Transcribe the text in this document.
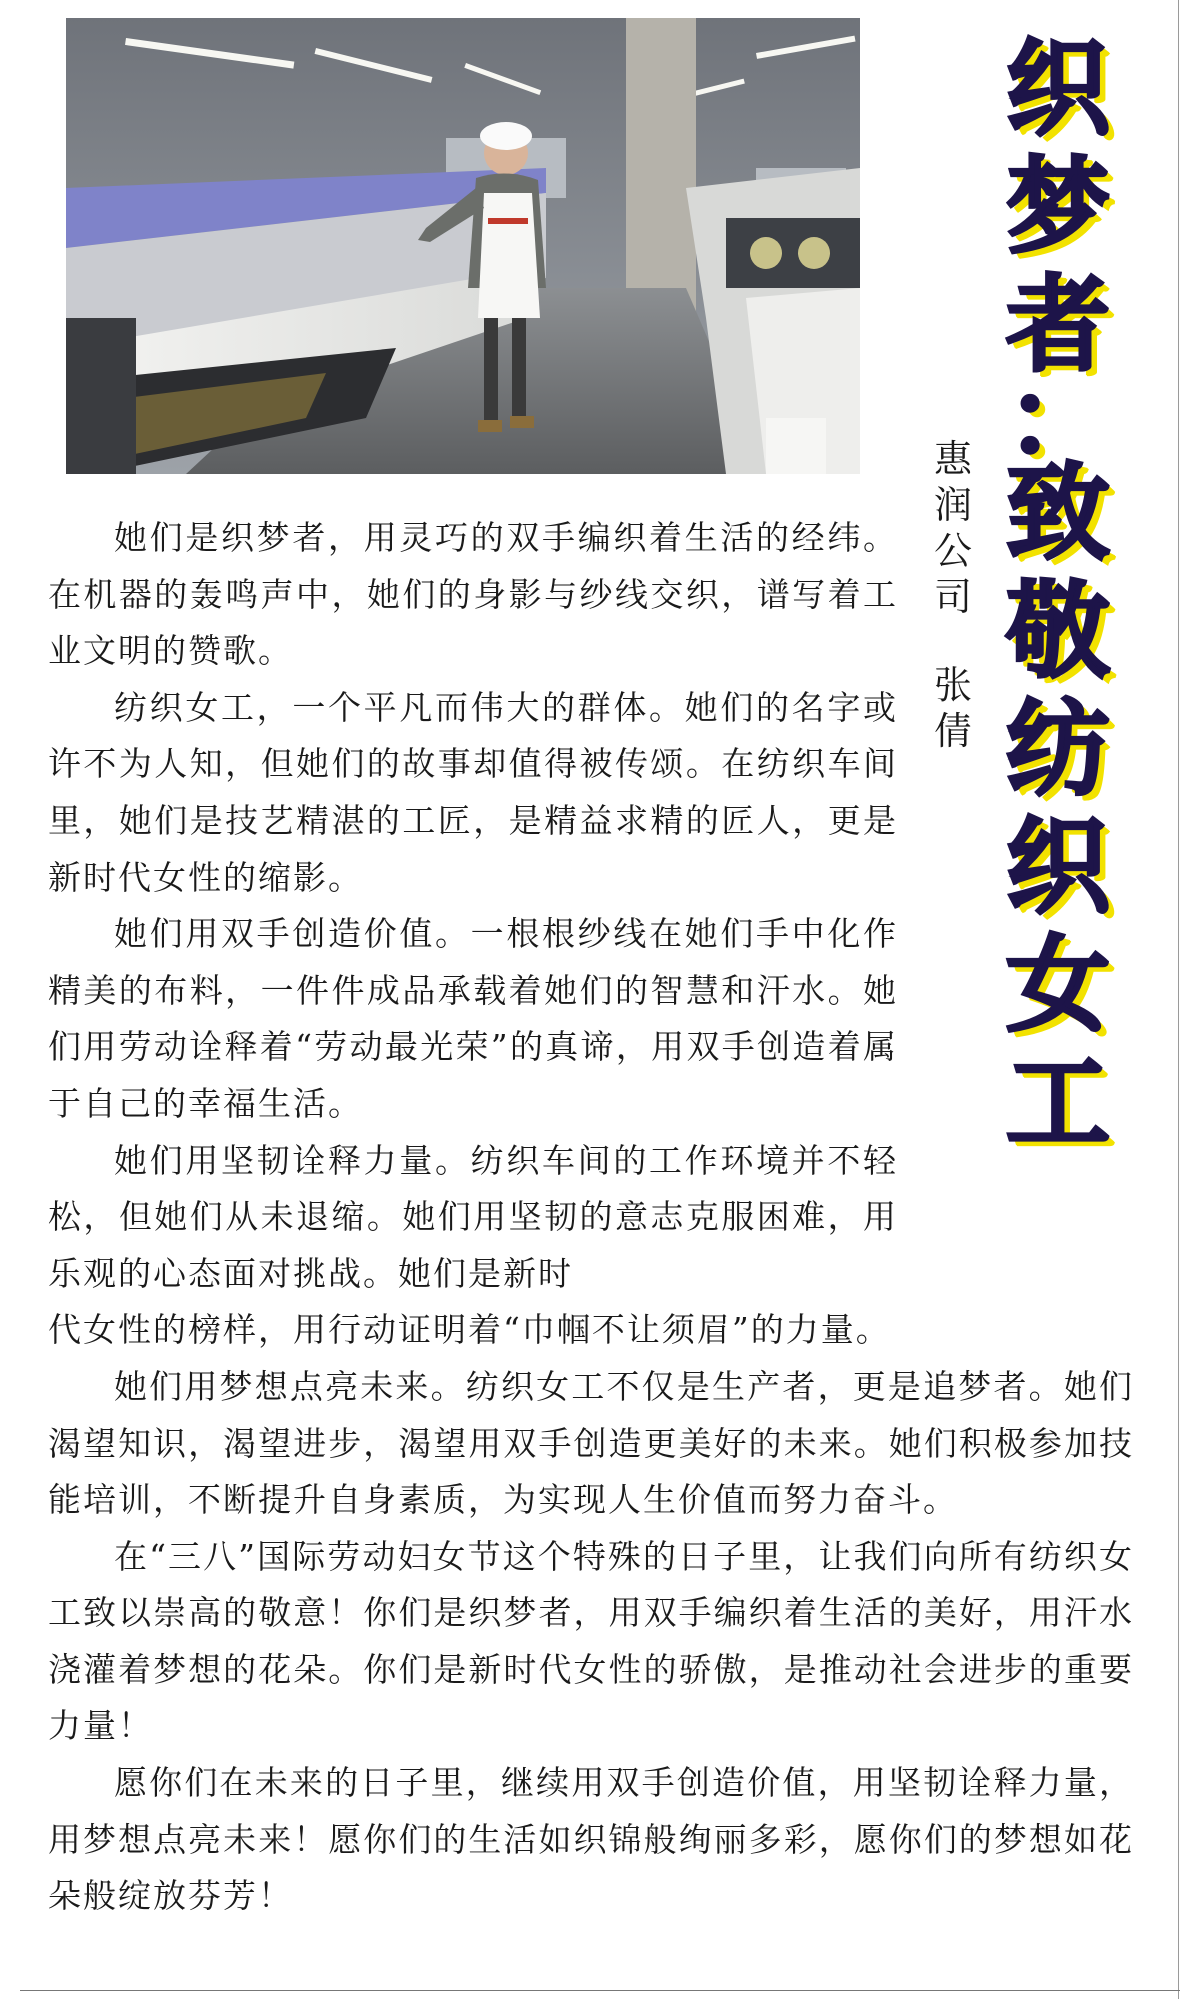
织
梦
者
：
致
敬
纺
织
女
工
惠
润
公
司
张
倩

她们是织梦者，用灵巧的双手编织着生活的经纬。在机器的轰鸣声中，她们的身影与纱线交织，谱写着工业文明的赞歌。

纺织女工，一个平凡而伟大的群体。她们的名字或许不为人知，但她们的故事却值得被传颂。在纺织车间里，她们是技艺精湛的工匠，是精益求精的匠人，更是新时代女性的缩影。

她们用双手创造价值。一根根纱线在她们手中化作精美的布料，一件件成品承载着她们的智慧和汗水。她们用劳动诠释着“劳动最光荣”的真谛，用双手创造着属于自己的幸福生活。

她们用坚韧诠释力量。纺织车间的工作环境并不轻松，但她们从未退缩。她们用坚韧的意志克服困难，用乐观的心态面对挑战。她们是新时

代女性的榜样，用行动证明着“巾帼不让须眉”的力量。

她们用梦想点亮未来。纺织女工不仅是生产者，更是追梦者。她们渴望知识，渴望进步，渴望用双手创造更美好的未来。她们积极参加技能培训，不断提升自身素质，为实现人生价值而努力奋斗。

在“三八”国际劳动妇女节这个特殊的日子里，让我们向所有纺织女工致以崇高的敬意！你们是织梦者，用双手编织着生活的美好，用汗水浇灌着梦想的花朵。你们是新时代女性的骄傲，是推动社会进步的重要力量！

愿你们在未来的日子里，继续用双手创造价值，用坚韧诠释力量，用梦想点亮未来！愿你们的生活如织锦般绚丽多彩，愿你们的梦想如花朵般绽放芬芳！
